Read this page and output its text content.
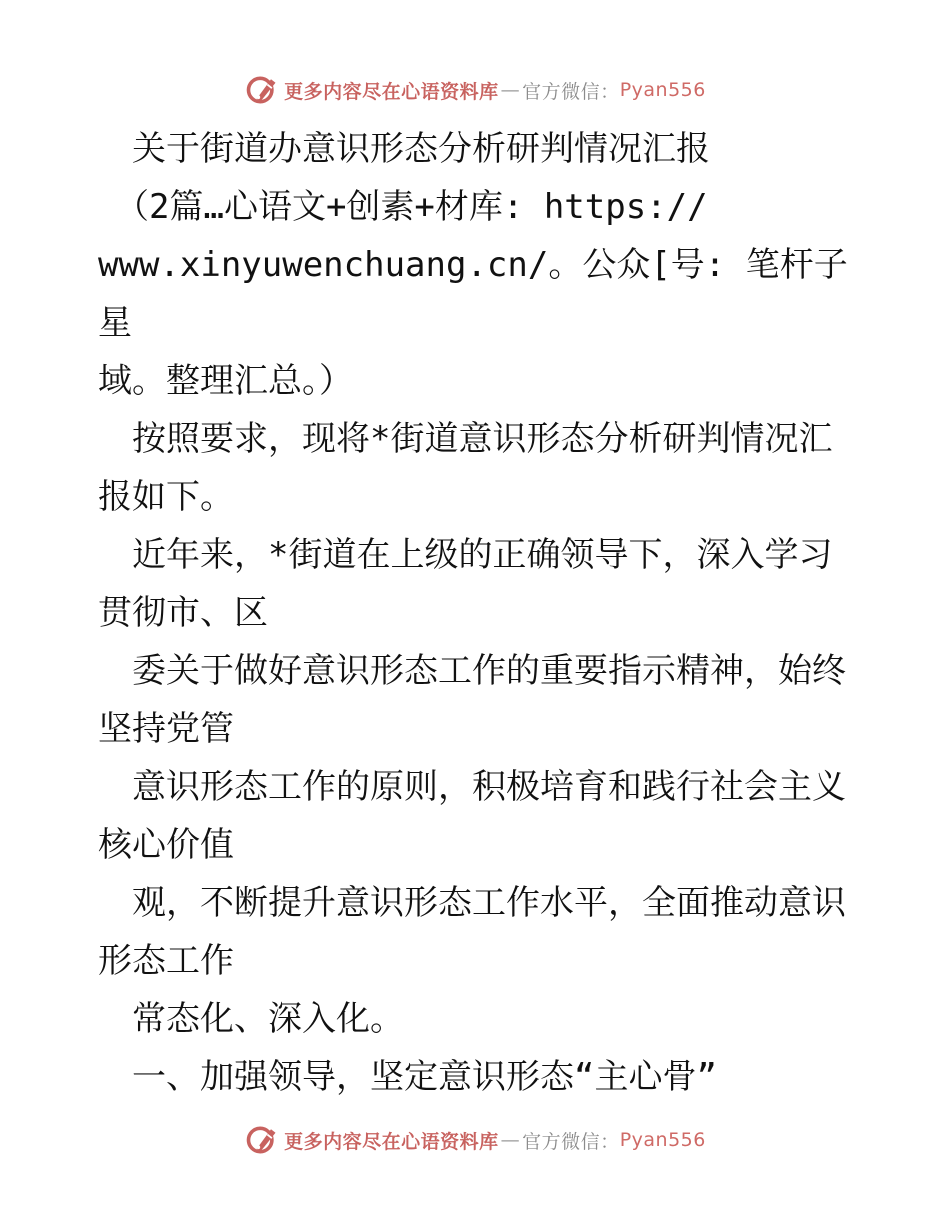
更多内容尽在心语资料库 — 官方微信： Pyan556

　关于街道办意识形态分析研判情况汇报

　（2篇…心语文+创素+材库: https://

www.xinyuwenchuang.cn/。公众[号: 笔杆子星

域。整理汇总。）

　按照要求，现将*街道意识形态分析研判情况汇

报如下。

　近年来，*街道在上级的正确领导下，深入学习

贯彻市、区

　委关于做好意识形态工作的重要指示精神，始终

坚持党管

　意识形态工作的原则，积极培育和践行社会主义

核心价值

　观，不断提升意识形态工作水平，全面推动意识

形态工作

　常态化、深入化。

　一、加强领导，坚定意识形态“主心骨”

更多内容尽在心语资料库 — 官方微信： Pyan556
